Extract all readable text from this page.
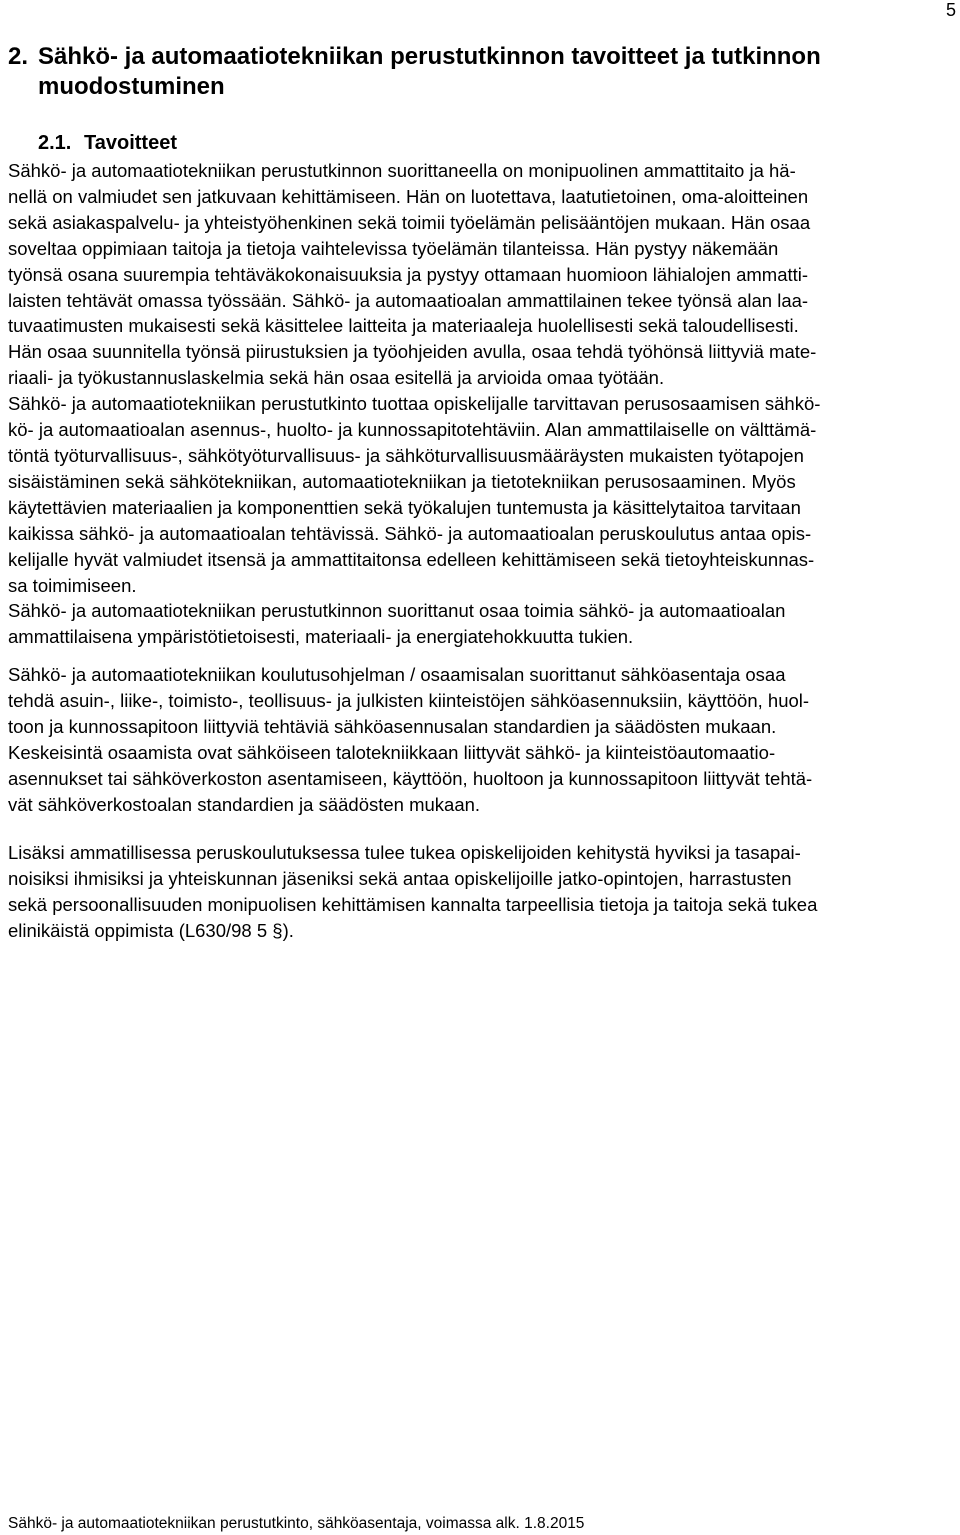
5
2. Sähkö- ja automaatiotekniikan perustutkinnon tavoitteet ja tutkinnon
muodostuminen
2.1. Tavoitteet
Sähkö- ja automaatiotekniikan perustutkinnon suorittaneella on monipuolinen ammattitaito ja hä-
nellä on valmiudet sen jatkuvaan kehittämiseen. Hän on luotettava, laatutietoinen, oma-aloitteinen
sekä asiakaspalvelu- ja yhteistyöhenkinen sekä toimii työelämän pelisääntöjen mukaan. Hän osaa
soveltaa oppimiaan taitoja ja tietoja vaihtelevissa työelämän tilanteissa. Hän pystyy näkemään
työnsä osana suurempia tehtäväkokonaisuuksia ja pystyy ottamaan huomioon lähialojen ammatti-
laisten tehtävät omassa työssään. Sähkö- ja automaatioalan ammattilainen tekee työnsä alan laa-
tuvaatimusten mukaisesti sekä käsittelee laitteita ja materiaaleja huolellisesti sekä taloudellisesti.
Hän osaa suunnitella työnsä piirustuksien ja työohjeiden avulla, osaa tehdä työhönsä liittyviä mate-
riaali- ja työkustannuslaskelmia sekä hän osaa esitellä ja arvioida omaa työtään.
Sähkö- ja automaatiotekniikan perustutkinto tuottaa opiskelijalle tarvittavan perusosaamisen sähkö-
kö- ja automaatioalan asennus-, huolto- ja kunnossapitotehtäviin. Alan ammattilaiselle on välttämä-
töntä työturvallisuus-, sähkötyöturvallisuus- ja sähköturvallisuusmääräysten mukaisten työtapojen
sisäistäminen sekä sähkötekniikan, automaatiotekniikan ja tietotekniikan perusosaaminen. Myös
käytettävien materiaalien ja komponenttien sekä työkalujen tuntemusta ja käsittelytaitoa tarvitaan
kaikissa sähkö- ja automaatioalan tehtävissä. Sähkö- ja automaatioalan peruskoulutus antaa opis-
kelijalle hyvät valmiudet itsensä ja ammattitaitonsa edelleen kehittämiseen sekä tietoyhteiskunnas-
sa toimimiseen.
Sähkö- ja automaatiotekniikan perustutkinnon suorittanut osaa toimia sähkö- ja automaatioalan
ammattilaisena ympäristötietoisesti, materiaali- ja energiatehokkuutta tukien.
Sähkö- ja automaatiotekniikan koulutusohjelman / osaamisalan suorittanut sähköasentaja osaa
tehdä asuin-, liike-, toimisto-, teollisuus- ja julkisten kiinteistöjen sähköasennuksiin, käyttöön, huol-
toon ja kunnossapitoon liittyviä tehtäviä sähköasennusalan standardien ja säädösten mukaan.
Keskeisintä osaamista ovat sähköiseen talotekniikkaan liittyvät sähkö- ja kiinteistöautomaatio-
asennukset tai sähköverkoston asentamiseen, käyttöön, huoltoon ja kunnossapitoon liittyvät tehtä-
vät sähköverkostoalan standardien ja säädösten mukaan.
Lisäksi ammatillisessa peruskoulutuksessa tulee tukea opiskelijoiden kehitystä hyviksi ja tasapai-
noisiksi ihmisiksi ja yhteiskunnan jäseniksi sekä antaa opiskelijoille jatko-opintojen, harrastusten
sekä persoonallisuuden monipuolisen kehittämisen kannalta tarpeellisia tietoja ja taitoja sekä tukea
elinikäistä oppimista (L630/98 5 §).
Sähkö- ja automaatiotekniikan perustutkinto, sähköasentaja, voimassa alk. 1.8.2015
